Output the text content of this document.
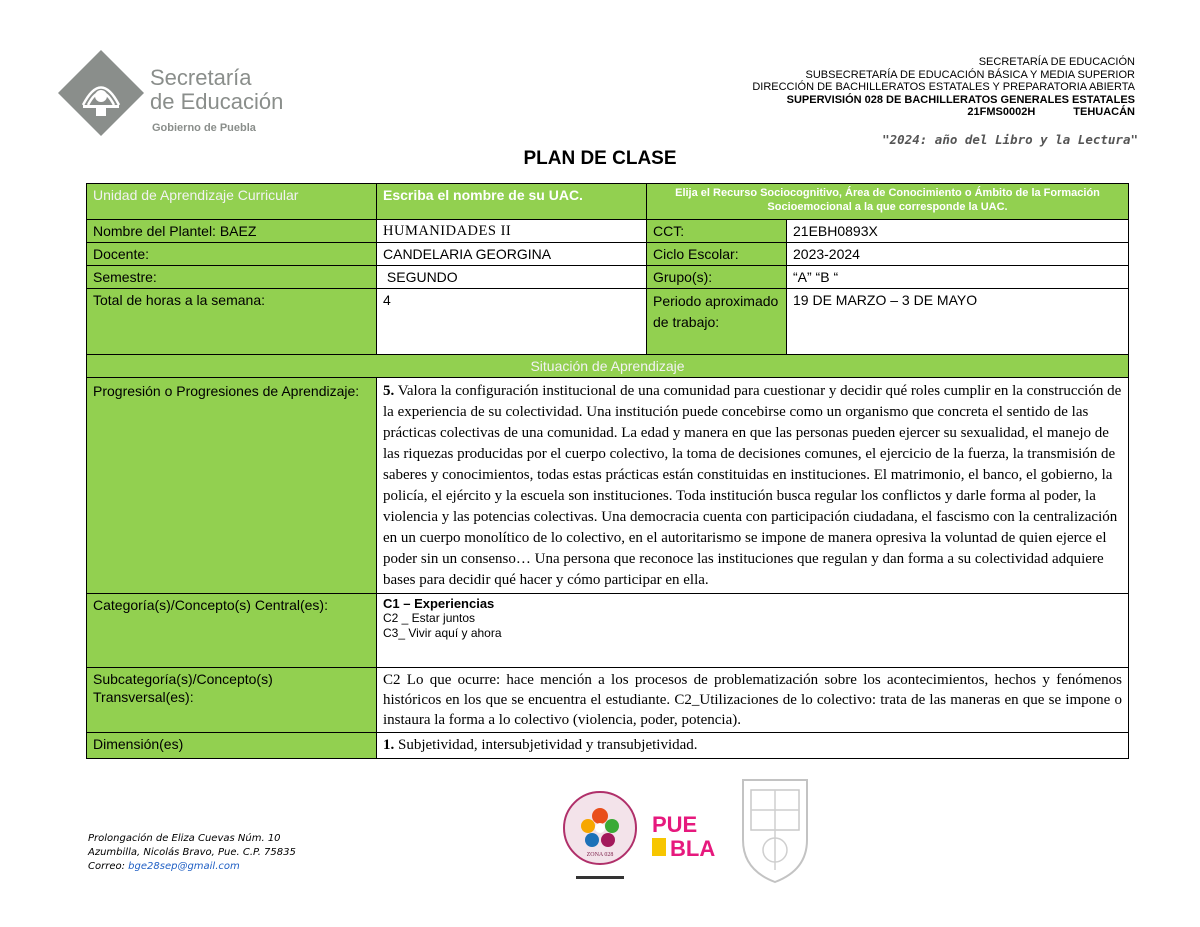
Secretaría
de Educación
Gobierno de Puebla
SECRETARÍA DE EDUCACIÓN
SUBSECRETARÍA DE EDUCACIÓN BÁSICA Y MEDIA SUPERIOR
DIRECCIÓN DE BACHILLERATOS ESTATALES Y PREPARATORIA ABIERTA
SUPERVISIÓN 028 DE BACHILLERATOS GENERALES ESTATALES
21FMS0002H	TEHUACÁN
"2024: año del Libro y la Lectura"
PLAN DE CLASE
Unidad de Aprendizaje Curricular	Escriba el nombre de su UAC.	Elija el Recurso Sociocognitivo, Área de Conocimiento o Ámbito de la Formación Socioemocional a la que corresponde la UAC.	
Nombre del Plantel: BAEZ	HUMANIDADES II	CCT:	21EBH0893X
Docente:	CANDELARIA GEORGINA	Ciclo Escolar:	2023-2024
Semestre:	SEGUNDO	Grupo(s):	“A” “B “
Total de horas a la semana:	4	Periodo aproximado de trabajo:	19 DE MARZO – 3 DE MAYO
Situación de Aprendizaje	
Progresión o Progresiones de Aprendizaje:	5. Valora la configuración institucional de una comunidad para cuestionar y decidir qué roles cumplir en la construcción de la experiencia de su colectividad. Una institución puede concebirse como un organismo que concreta el sentido de las prácticas colectivas de una comunidad. La edad y manera en que las personas pueden ejercer su sexualidad, el manejo de las riquezas producidas por el cuerpo colectivo, la toma de decisiones comunes, el ejercicio de la fuerza, la transmisión de saberes y conocimientos, todas estas prácticas están constituidas en instituciones. El matrimonio, el banco, el gobierno, la policía, el ejército y la escuela son instituciones. Toda institución busca regular los conflictos y darle forma al poder, la violencia y las potencias colectivas. Una democracia cuenta con participación ciudadana, el fascismo con la centralización en un cuerpo monolítico de lo colectivo, en el autoritarismo se impone de manera opresiva la voluntad de quien ejerce el poder sin un consenso… Una persona que reconoce las instituciones que regulan y dan forma a su colectividad adquiere bases para decidir qué hacer y cómo participar en ella.
Categoría(s)/Concepto(s) Central(es):	C1 – Experiencias
C2 _ Estar juntos
C3_ Vivir aquí y ahora

Subcategoría(s)/Concepto(s) Transversal(es):	C2 Lo que ocurre: hace mención a los procesos de problematización sobre los acontecimientos, hechos y fenómenos históricos en los que se encuentra el estudiante. C2_Utilizaciones de lo colectivo: trata de las maneras en que se impone o instaura la forma a lo colectivo (violencia, poder, potencia).
Dimensión(es)	1. Subjetividad, intersubjetividad y transubjetividad.
Prolongación de Eliza Cuevas Núm. 10
Azumbilla, Nicolás Bravo, Pue. C.P. 75835
Correo: bge28sep@gmail.com
ZONA 028
PUE
BLA
